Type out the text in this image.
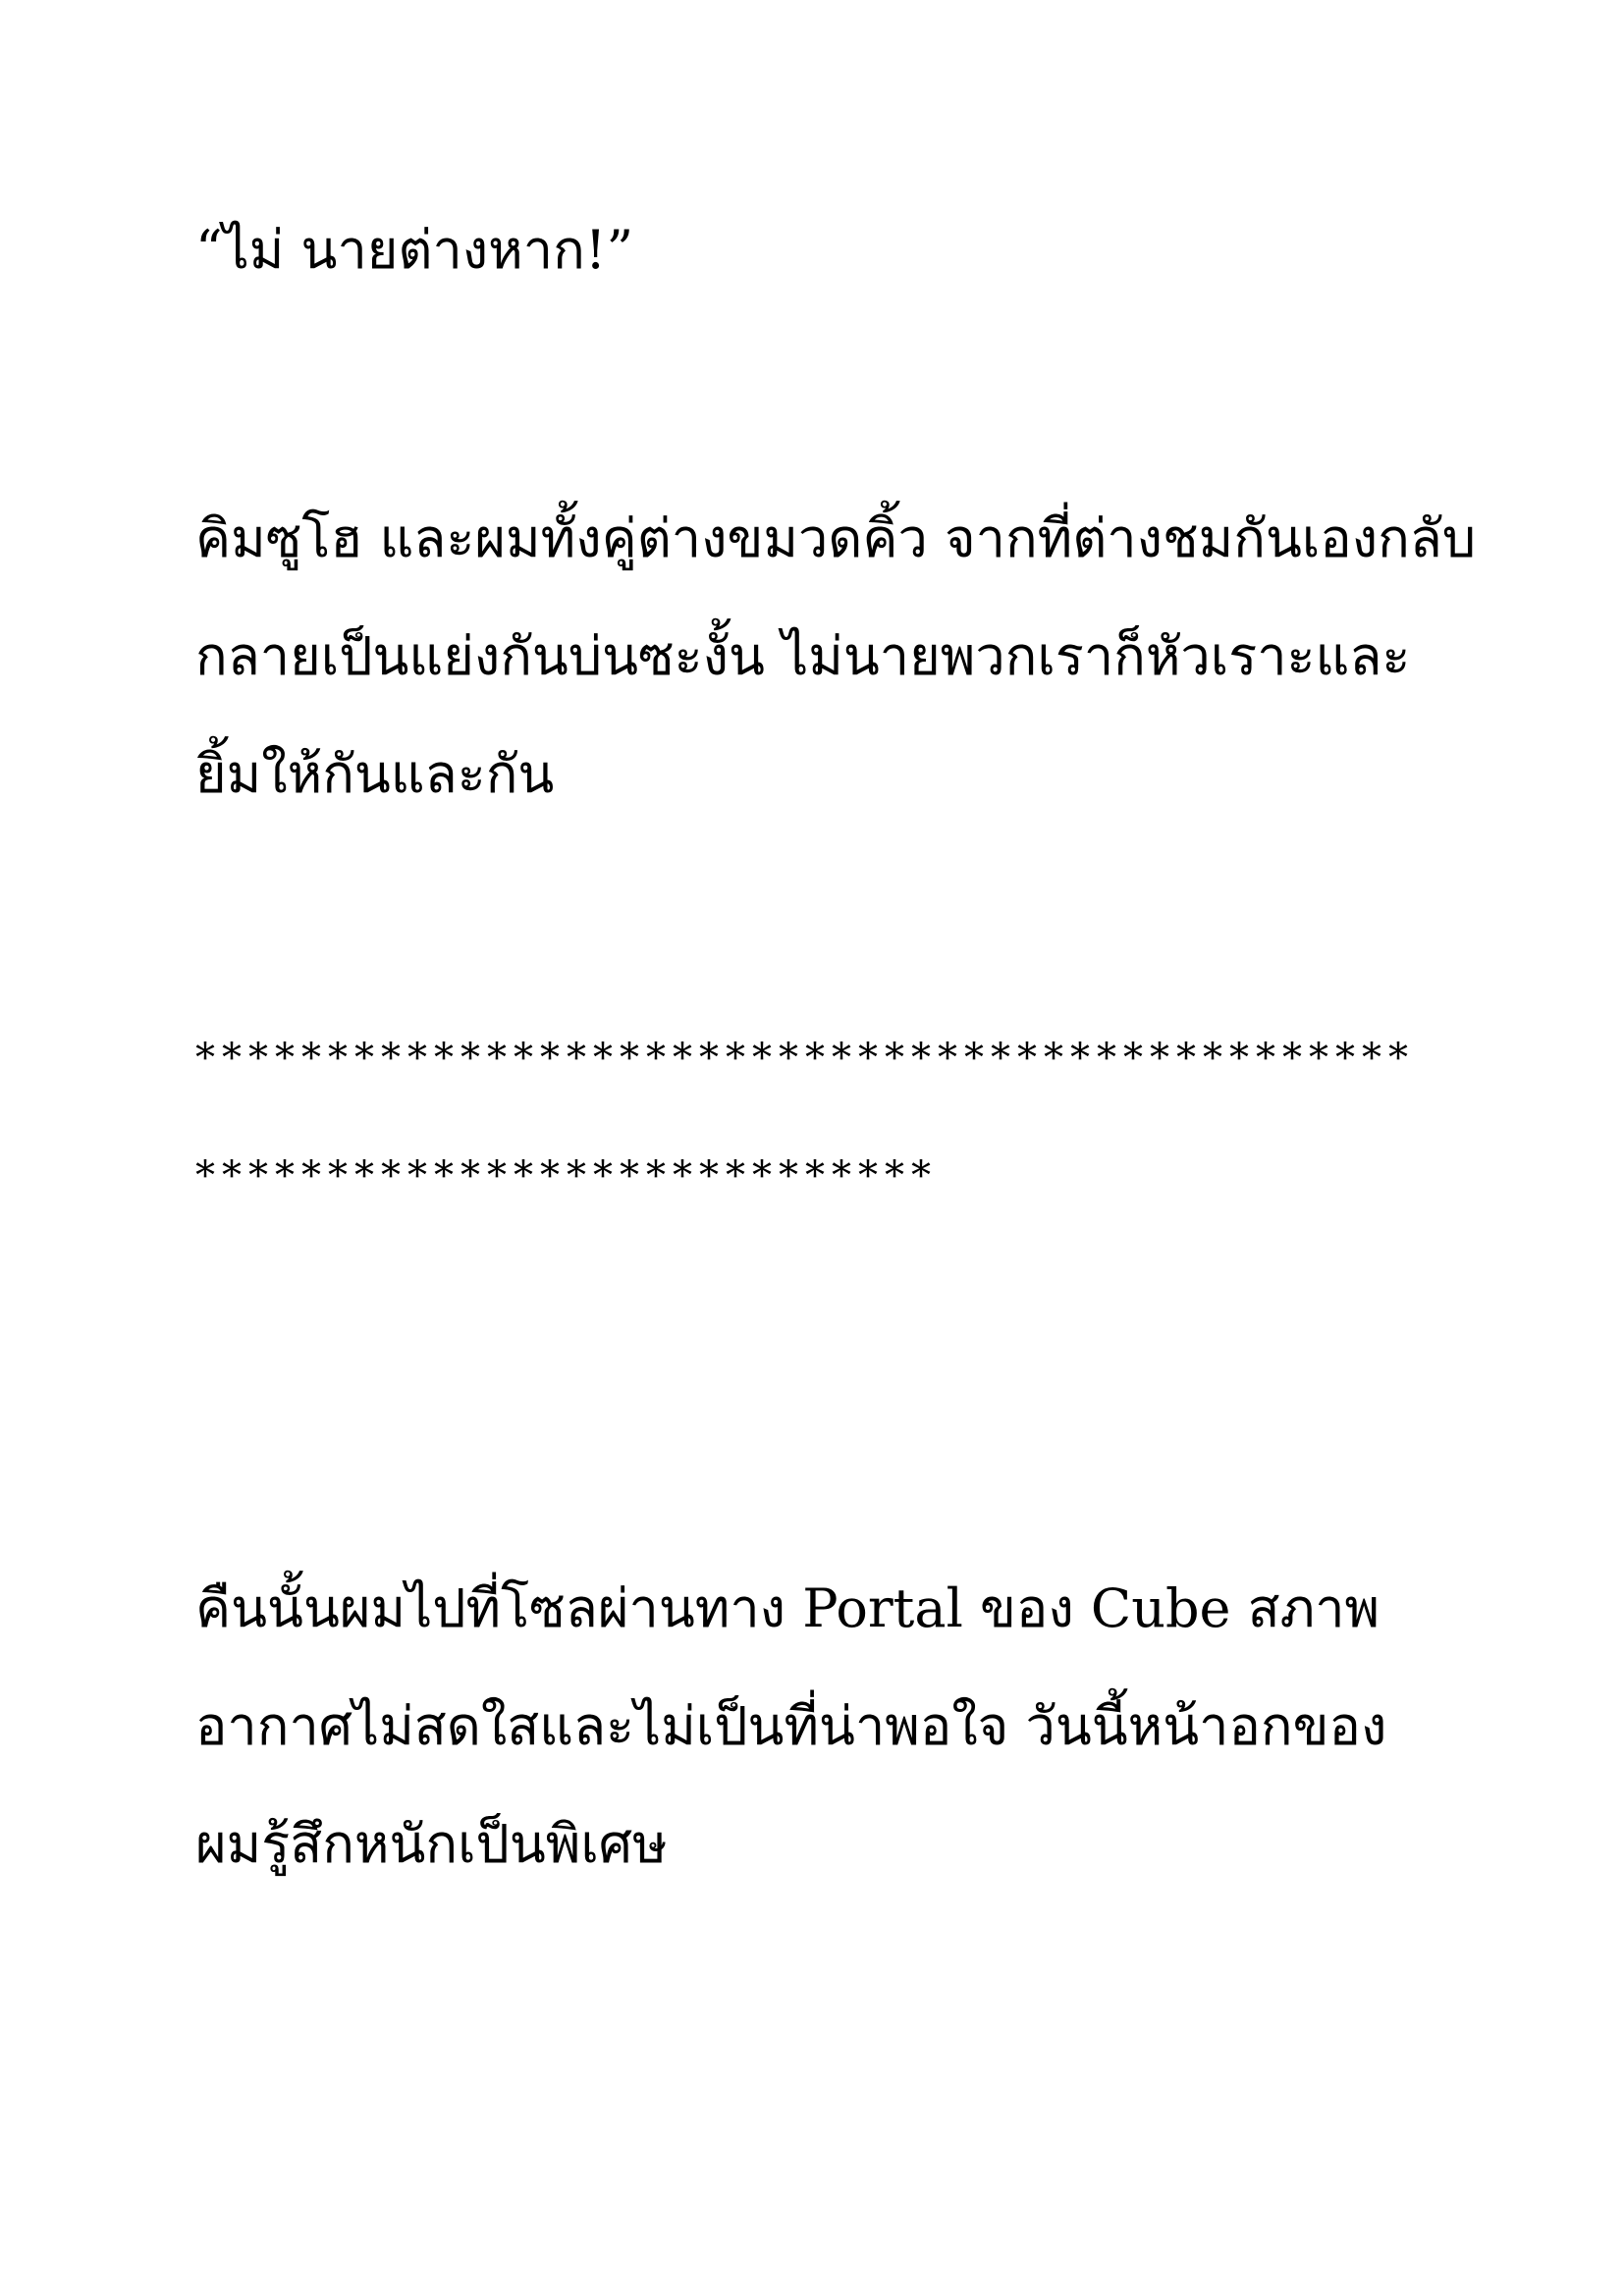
“ไม่ นายต่างหาก!”
คิมซูโฮ และผมทั้งคู่ต่างขมวดคิ้ว จากที่ต่างชมกันเองกลับ
กลายเป็นแย่งกันบ่นซะงั้น ไม่นายพวกเราก็หัวเราะและ
ยิ้มให้กันและกัน
**********************************************
****************************
คืนนั้นผมไปที่โซลผ่านทาง Portal ของ Cube สภาพ
อากาศไม่สดใสและไม่เป็นที่น่าพอใจ วันนี้หน้าอกของ
ผมรู้สึกหนักเป็นพิเศษ
